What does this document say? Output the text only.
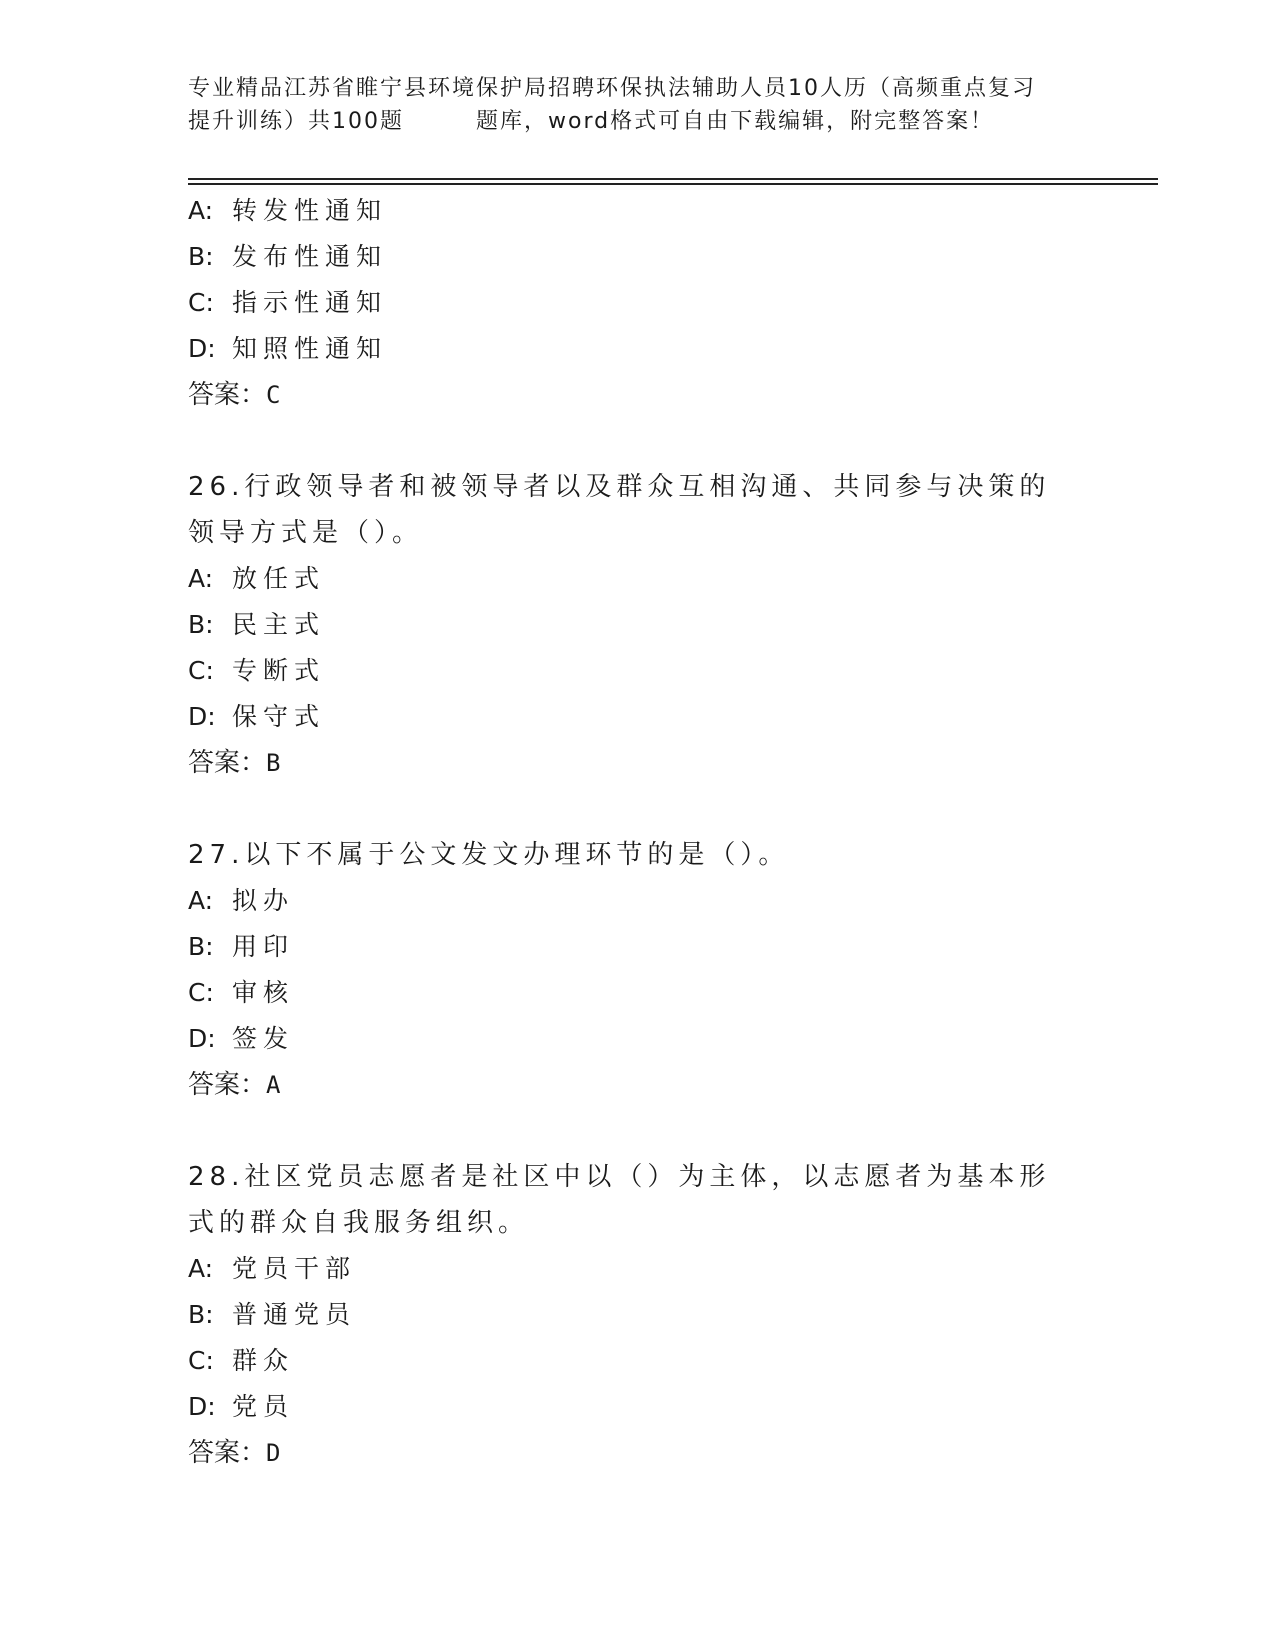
专业精品江苏省睢宁县环境保护局招聘环保执法辅助人员10人历（高频重点复习
提升训练）共100题	题库，word格式可自由下载编辑，附完整答案！
A: 转发性通知
B: 发布性通知
C: 指示性通知
D: 知照性通知
答案：C
26.行政领导者和被领导者以及群众互相沟通、共同参与决策的领导方式是（）。
A: 放任式
B: 民主式
C: 专断式
D: 保守式
答案：B
27.以下不属于公文发文办理环节的是（）。
A: 拟办
B: 用印
C: 审核
D: 签发
答案：A
28.社区党员志愿者是社区中以（）为主体，以志愿者为基本形式的群众自我服务组织。
A: 党员干部
B: 普通党员
C: 群众
D: 党员
答案：D
